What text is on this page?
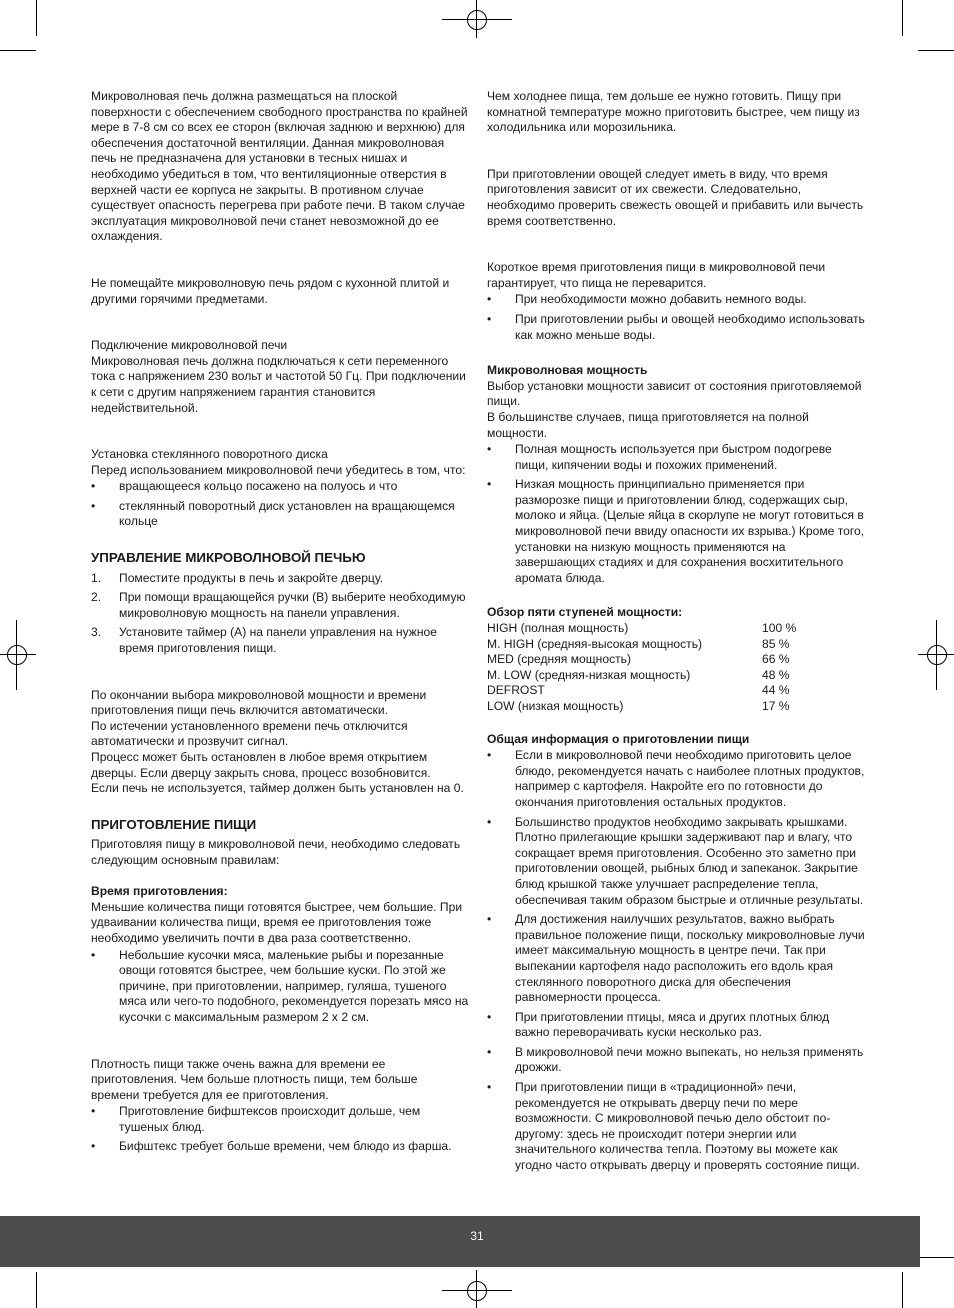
Микроволновая печь должна размещаться на плоской поверхности с обеспечением свободного пространства по крайней мере в 7-8 см со всех ее сторон (включая заднюю и верхнюю) для обеспечения достаточной вентиляции. Данная микроволновая печь не предназначена для установки в тесных нишах и необходимо убедиться в том, что вентиляционные отверстия в верхней части ее корпуса не закрыты. В противном случае существует опасность перегрева при работе печи. В таком случае эксплуатация микроволновой печи станет невозможной до ее охлаждения.

Не помещайте микроволновую печь рядом с кухонной плитой и другими горячими предметами.

Подключение микроволновой печи

Микроволновая печь должна подключаться к сети переменного тока с напряжением 230 вольт и частотой 50 Гц. При подключении к сети с другим напряжением гарантия становится недействительной.

Установка стеклянного поворотного диска

Перед использованием микроволновой печи убедитесь в том, что:

• вращающееся кольцо посажено на полуось и что
• стеклянный поворотный диск установлен на вращающемся кольце
УПРАВЛЕНИЕ МИКРОВОЛНОВОЙ ПЕЧЬЮ
1. Поместите продукты в печь и закройте дверцу.
2. При помощи вращающейся ручки (B) выберите необходимую микроволновую мощность на панели управления.
3. Установите таймер (A) на панели управления на нужное время приготовления пищи.

По окончании выбора микроволновой мощности и времени приготовления пищи печь включится автоматически.

По истечении установленного времени печь отключится автоматически и прозвучит сигнал.

Процесс может быть остановлен в любое время открытием дверцы. Если дверцу закрыть снова, процесс возобновится.

Если печь не используется, таймер должен быть установлен на 0.

ПРИГОТОВЛЕНИЕ ПИЩИ

Приготовляя пищу в микроволновой печи, необходимо следовать следующим основным правилам:

Время приготовления:

Меньшие количества пищи готовятся быстрее, чем большие. При удваивании количества пищи, время ее приготовления тоже необходимо увеличить почти в два раза соответственно.

• Небольшие кусочки мяса, маленькие рыбы и порезанные овощи готовятся быстрее, чем большие куски. По этой же причине, при приготовлении, например, гуляша, тушеного мяса или чего-то подобного, рекомендуется порезать мясо на кусочки с максимальным размером 2 x 2 см.

Плотность пищи также очень важна для времени ее приготовления. Чем больше плотность пищи, тем больше времени требуется для ее приготовления.

• Приготовление бифштексов происходит дольше, чем тушеных блюд.
• Бифштекс требует больше времени, чем блюдо из фарша.

Чем холоднее пища, тем дольше ее нужно готовить. Пищу при комнатной температуре можно приготовить быстрее, чем пищу из холодильника или морозильника.

При приготовлении овощей следует иметь в виду, что время приготовления зависит от их свежести. Следовательно, необходимо проверить свежесть овощей и прибавить или вычесть время соответственно.

Короткое время приготовления пищи в микроволновой печи гарантирует, что пища не переварится.

• При необходимости можно добавить немного воды.
• При приготовлении рыбы и овощей необходимо использовать как можно меньше воды.

Микроволновая мощность

Выбор установки мощности зависит от состояния приготовляемой пищи.

В большинстве случаев, пища приготовляется на полной мощности.

• Полная мощность используется при быстром подогреве пищи, кипячении воды и похожих применений.
• Низкая мощность принципиально применяется при разморозке пищи и приготовлении блюд, содержащих сыр, молоко и яйца. (Целые яйца в скорлупе не могут готовиться в микроволновой печи ввиду опасности их взрыва.) Кроме того, установки на низкую мощность применяются на завершающих стадиях и для сохранения восхитительного аромата блюда.

Обзор пяти ступеней мощности:

HIGH (полная мощность)	100 %
M. HIGH (средняя-высокая мощность)	85 %
MED (средняя мощность)	66 %
M. LOW (средняя-низкая мощность)	48 %
DEFROST	44 %
LOW (низкая мощность)	17 %

Общая информация о приготовлении пищи

• Если в микроволновой печи необходимо приготовить целое блюдо, рекомендуется начать с наиболее плотных продуктов, например с картофеля. Накройте его по готовности до окончания приготовления остальных продуктов.
• Большинство продуктов необходимо закрывать крышками. Плотно прилегающие крышки задерживают пар и влагу, что сокращает время приготовления. Особенно это заметно при приготовлении овощей, рыбных блюд и запеканок. Закрытие блюд крышкой также улучшает распределение тепла, обеспечивая таким образом быстрые и отличные результаты.
• Для достижения наилучших результатов, важно выбрать правильное положение пищи, поскольку микроволновые лучи имеет максимальную мощность в центре печи. Так при выпекании картофеля надо расположить его вдоль края стеклянного поворотного диска для обеспечения равномерности процесса.
• При приготовлении птицы, мяса и других плотных блюд важно переворачивать куски несколько раз.
• В микроволновой печи можно выпекать, но нельзя применять дрожжи.
• При приготовлении пищи в «традиционной» печи, рекомендуется не открывать дверцу печи по мере возможности. С микроволновой печью дело обстоит по-другому: здесь не происходит потери энергии или значительного количества тепла. Поэтому вы можете как угодно часто открывать дверцу и проверять состояние пищи.
31
